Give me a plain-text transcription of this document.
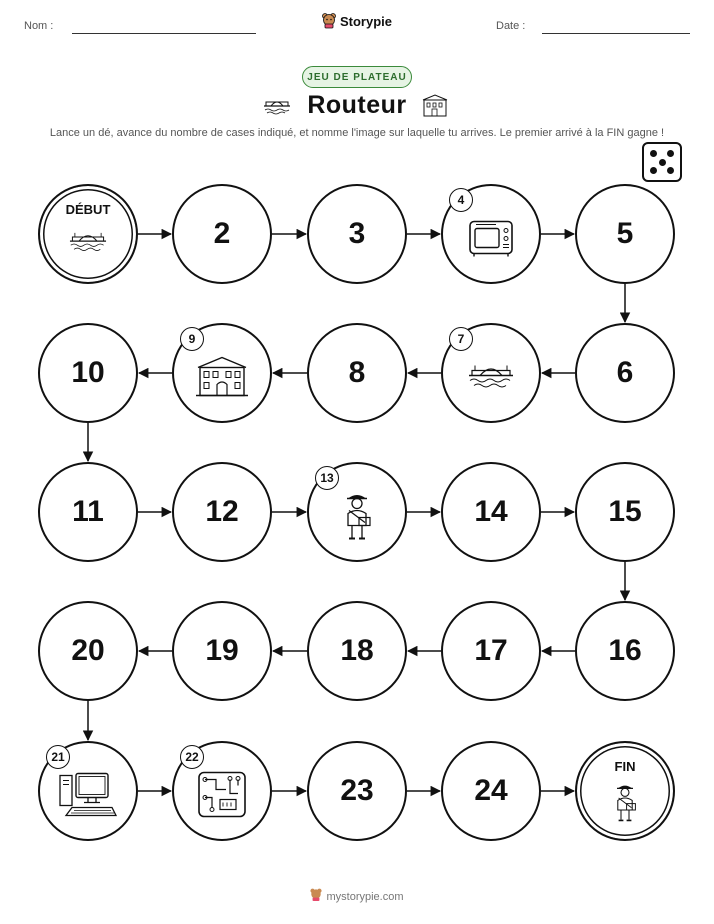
Nom :	Storypie	Date :
JEU DE PLATEAU
Routeur
Lance un dé, avance du nombre de cases indiqué, et nomme l'image sur laquelle tu arrives. Le premier arrivé à la FIN gagne !
DÉBUT
2	3
4
5
6
7
8
9
10
11	12
13
14	15
16
17
18
19
20
21	22
23	24
FIN
mystorypie.com
